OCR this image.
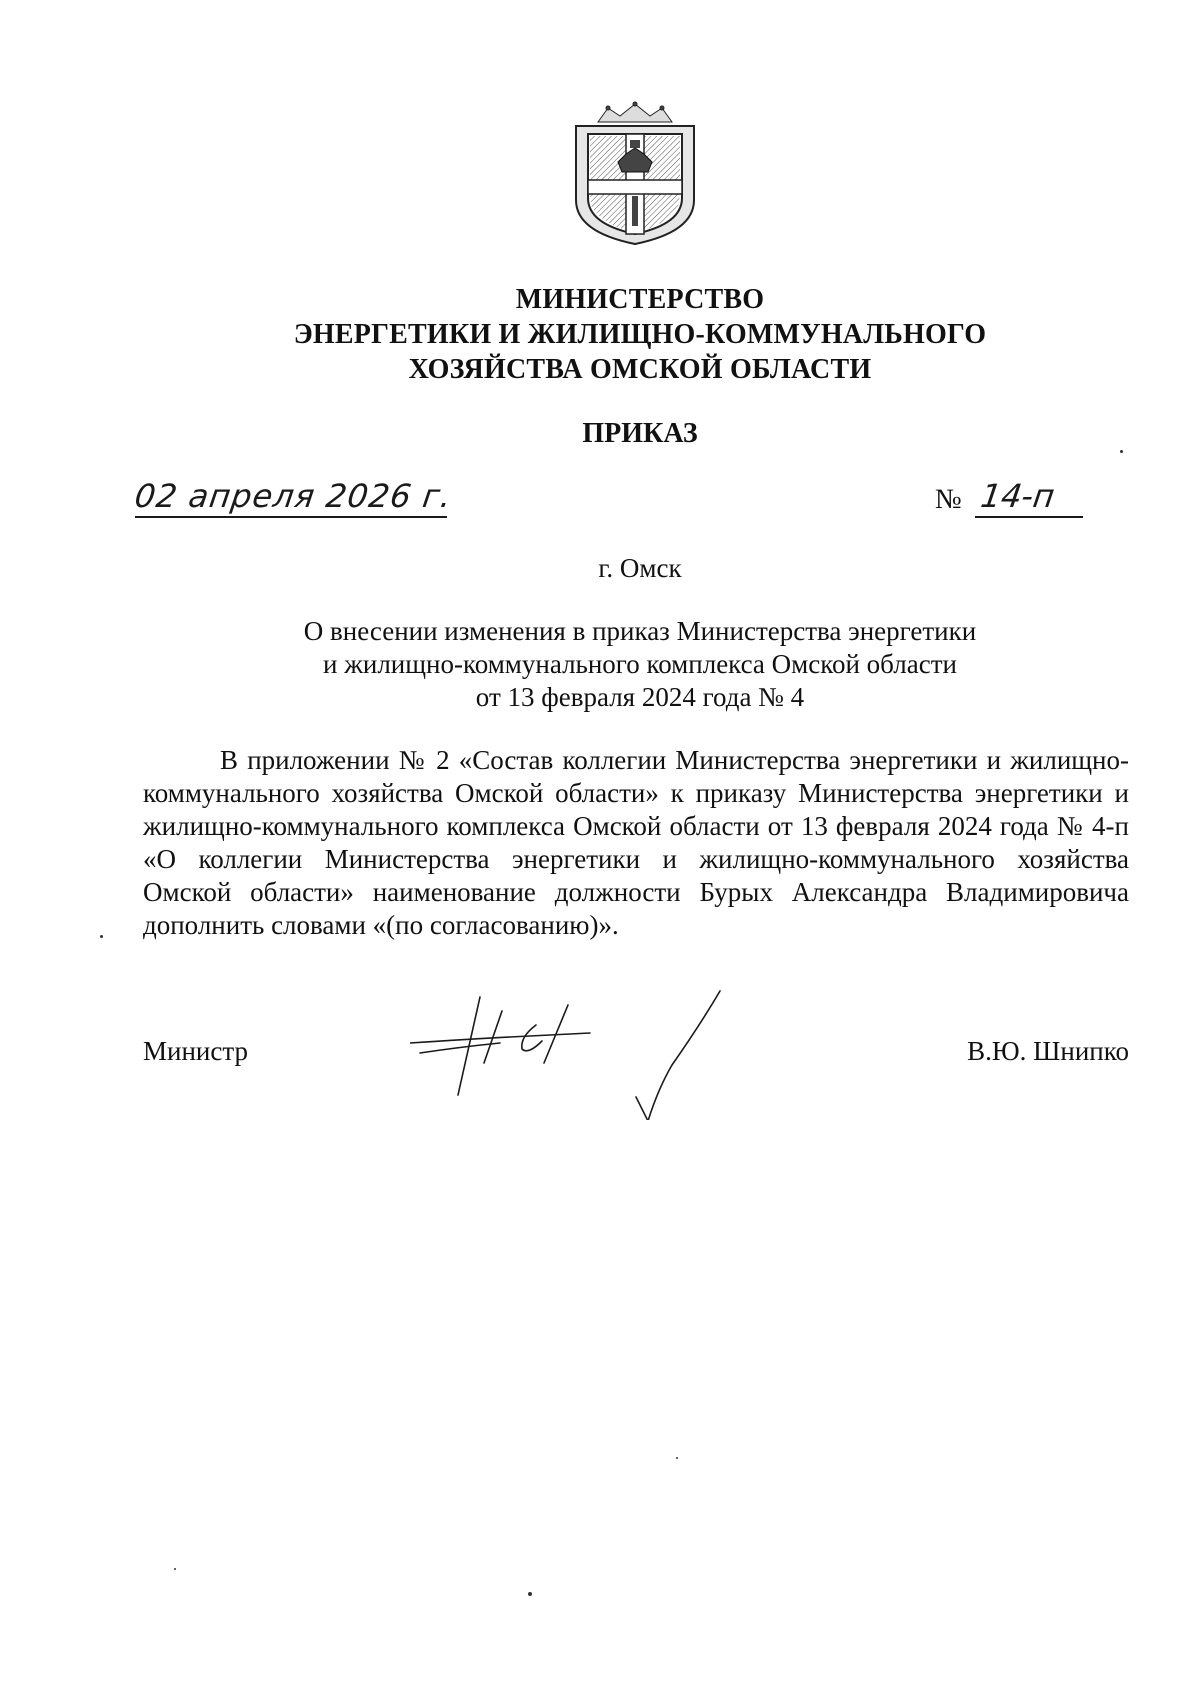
МИНИСТЕРСТВО
ЭНЕРГЕТИКИ И ЖИЛИЩНО-КОММУНАЛЬНОГО
ХОЗЯЙСТВА ОМСКОЙ ОБЛАСТИ
ПРИКАЗ
02 апреля 2026 г.	№ 14-п
г. Омск
О внесении изменения в приказ Министерства энергетики
и жилищно-коммунального комплекса Омской области
от 13 февраля 2024 года № 4

В приложении № 2 «Состав коллегии Министерства энергетики и жилищно-коммунального хозяйства Омской области» к приказу Министерства энергетики и жилищно-коммунального комплекса Омской области от 13 февраля 2024 года № 4-п «О коллегии Министерства энергетики и жилищно-коммунального хозяйства Омской области» наименование должности Бурых Александра Владимировича дополнить словами «(по согласованию)».

Министр	В.Ю. Шнипко
